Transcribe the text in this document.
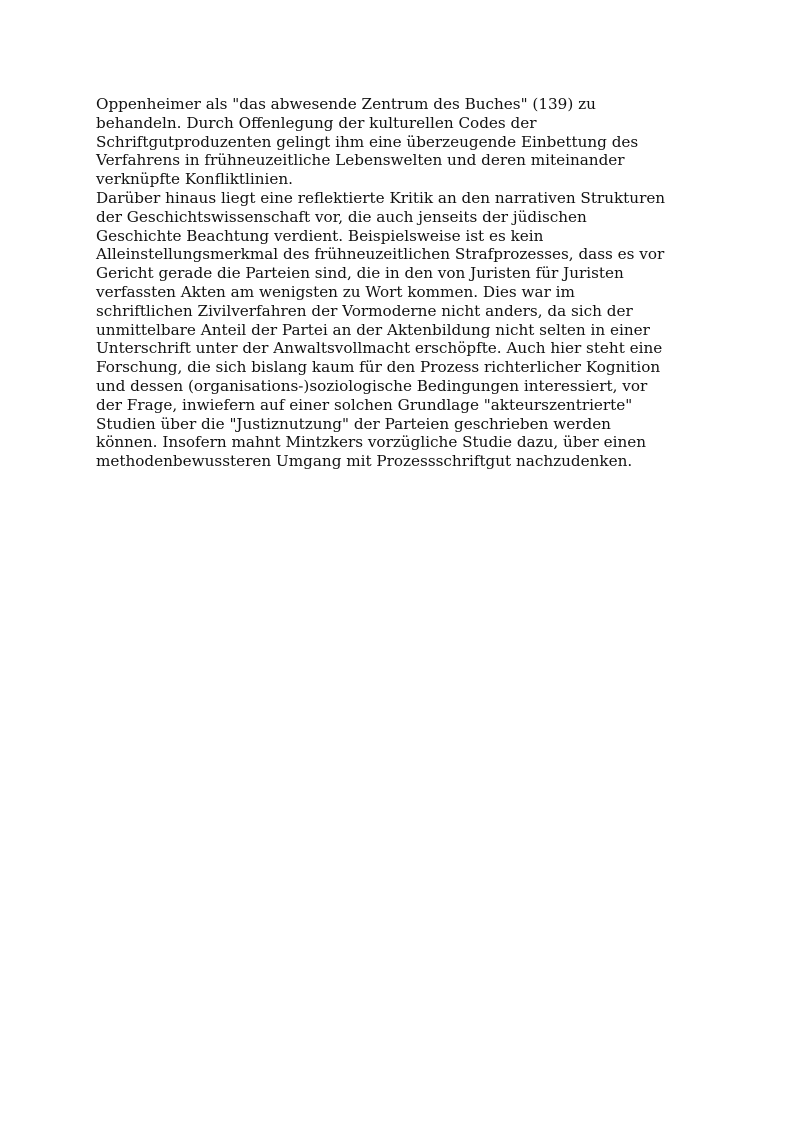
Oppenheimer als "das abwesende Zentrum des Buches" (139) zu
behandeln. Durch Offenlegung der kulturellen Codes der
Schriftgutproduzenten gelingt ihm eine überzeugende Einbettung des
Verfahrens in frühneuzeitliche Lebenswelten und deren miteinander
verknüpfte Konfliktlinien.

Darüber hinaus liegt eine reflektierte Kritik an den narrativen Strukturen
der Geschichtswissenschaft vor, die auch jenseits der jüdischen
Geschichte Beachtung verdient. Beispielsweise ist es kein
Alleinstellungsmerkmal des frühneuzeitlichen Strafprozesses, dass es vor
Gericht gerade die Parteien sind, die in den von Juristen für Juristen
verfassten Akten am wenigsten zu Wort kommen. Dies war im
schriftlichen Zivilverfahren der Vormoderne nicht anders, da sich der
unmittelbare Anteil der Partei an der Aktenbildung nicht selten in einer
Unterschrift unter der Anwaltsvollmacht erschöpfte. Auch hier steht eine
Forschung, die sich bislang kaum für den Prozess richterlicher Kognition
und dessen (organisations-)soziologische Bedingungen interessiert, vor
der Frage, inwiefern auf einer solchen Grundlage "akteurszentrierte"
Studien über die "Justiznutzung" der Parteien geschrieben werden
können. Insofern mahnt Mintzkers vorzügliche Studie dazu, über einen
methodenbewussteren Umgang mit Prozessschriftgut nachzudenken.
